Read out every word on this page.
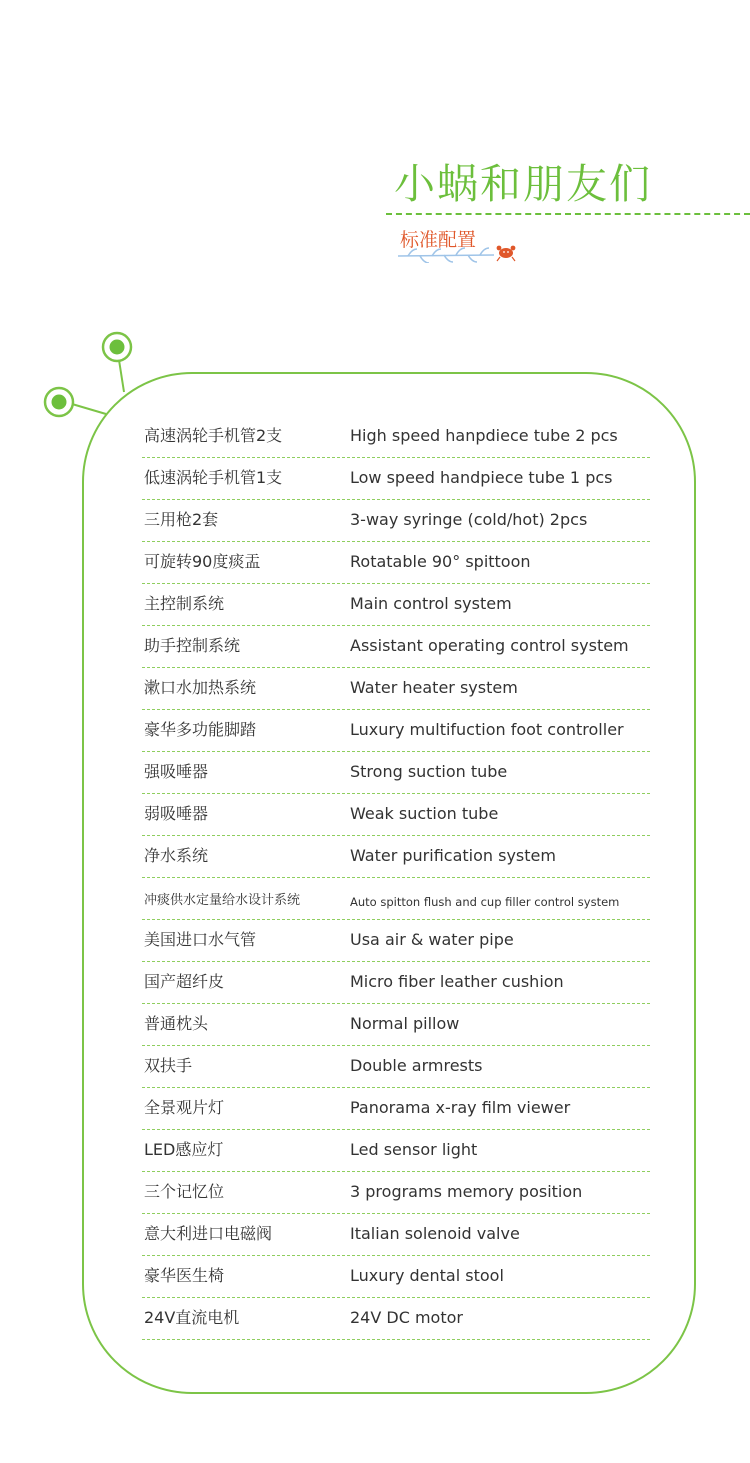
小蜗和朋友们
标准配置
高速涡轮手机管2支	High speed hanpdiece tube 2 pcs
低速涡轮手机管1支	Low speed handpiece tube 1 pcs
三用枪2套	3-way syringe (cold/hot) 2pcs
可旋转90度痰盂	Rotatable 90° spittoon
主控制系统	Main control system
助手控制系统	Assistant operating control system
漱口水加热系统	Water heater system
豪华多功能脚踏	Luxury multifuction foot controller
强吸唾器	Strong suction tube
弱吸唾器	Weak suction tube
净水系统	Water purification system
冲痰供水定量给水设计系统	Auto spitton flush and cup filler control system
美国进口水气管	Usa air & water pipe
国产超纤皮	Micro fiber leather cushion
普通枕头	Normal pillow
双扶手	Double armrests
全景观片灯	Panorama x-ray film viewer
LED感应灯	Led sensor light
三个记忆位	3 programs memory position
意大利进口电磁阀	Italian solenoid valve
豪华医生椅	Luxury dental stool
24V直流电机	24V DC motor
